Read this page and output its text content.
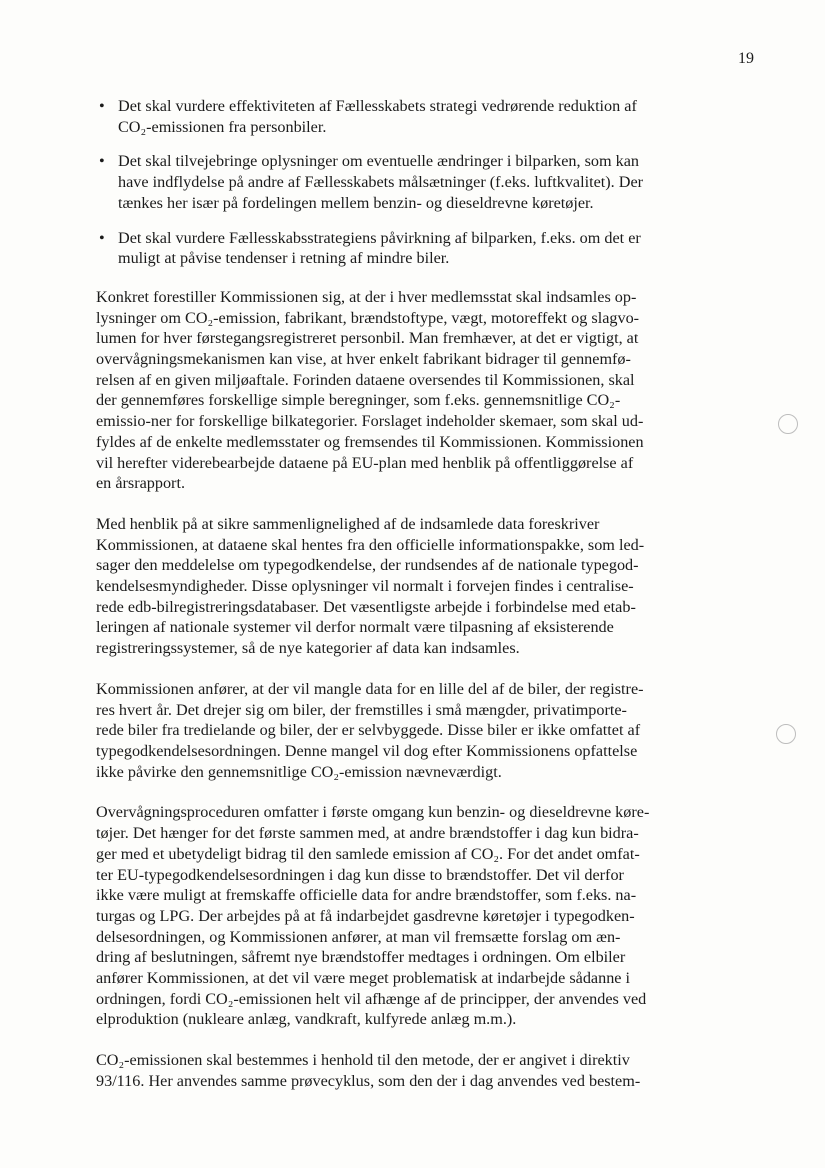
19
• Det skal vurdere effektiviteten af Fællesskabets strategi vedrørende reduktion af
CO₂-emissionen fra personbiler.
• Det skal tilvejebringe oplysninger om eventuelle ændringer i bilparken, som kan
have indflydelse på andre af Fællesskabets målsætninger (f.eks. luftkvalitet). Der
tænkes her især på fordelingen mellem benzin- og dieseldrevne køretøjer.
• Det skal vurdere Fællesskabsstrategiens påvirkning af bilparken, f.eks. om det er
muligt at påvise tendenser i retning af mindre biler.

Konkret forestiller Kommissionen sig, at der i hver medlemsstat skal indsamles op-
lysninger om CO₂-emission, fabrikant, brændstoftype, vægt, motoreffekt og slagvo-
lumen for hver førstegangsregistreret personbil. Man fremhæver, at det er vigtigt, at
overvågningsmekanismen kan vise, at hver enkelt fabrikant bidrager til gennemfø-
relsen af en given miljøaftale. Forinden dataene oversendes til Kommissionen, skal
der gennemføres forskellige simple beregninger, som f.eks. gennemsnitlige CO₂-
emissio-ner for forskellige bilkategorier. Forslaget indeholder skemaer, som skal ud-
fyldes af de enkelte medlemsstater og fremsendes til Kommissionen. Kommissionen
vil herefter viderebearbejde dataene på EU-plan med henblik på offentliggørelse af
en årsrapport.

Med henblik på at sikre sammenlignelighed af de indsamlede data foreskriver
Kommissionen, at dataene skal hentes fra den officielle informationspakke, som led-
sager den meddelelse om typegodkendelse, der rundsendes af de nationale typegod-
kendelsesmyndigheder. Disse oplysninger vil normalt i forvejen findes i centralise-
rede edb-bilregistreringsdatabaser. Det væsentligste arbejde i forbindelse med etab-
leringen af nationale systemer vil derfor normalt være tilpasning af eksisterende
registreringssystemer, så de nye kategorier af data kan indsamles.

Kommissionen anfører, at der vil mangle data for en lille del af de biler, der registre-
res hvert år. Det drejer sig om biler, der fremstilles i små mængder, privatimporte-
rede biler fra tredielande og biler, der er selvbyggede. Disse biler er ikke omfattet af
typegodkendelsesordningen. Denne mangel vil dog efter Kommissionens opfattelse
ikke påvirke den gennemsnitlige CO₂-emission nævneværdigt.

Overvågningsproceduren omfatter i første omgang kun benzin- og dieseldrevne køre-
tøjer. Det hænger for det første sammen med, at andre brændstoffer i dag kun bidra-
ger med et ubetydeligt bidrag til den samlede emission af CO₂. For det andet omfat-
ter EU-typegodkendelsesordningen i dag kun disse to brændstoffer. Det vil derfor
ikke være muligt at fremskaffe officielle data for andre brændstoffer, som f.eks. na-
turgas og LPG. Der arbejdes på at få indarbejdet gasdrevne køretøjer i typegodken-
delsesordningen, og Kommissionen anfører, at man vil fremsætte forslag om æn-
dring af beslutningen, såfremt nye brændstoffer medtages i ordningen. Om elbiler
anfører Kommissionen, at det vil være meget problematisk at indarbejde sådanne i
ordningen, fordi CO₂-emissionen helt vil afhænge af de principper, der anvendes ved
elproduktion (nukleare anlæg, vandkraft, kulfyrede anlæg m.m.).

CO₂-emissionen skal bestemmes i henhold til den metode, der er angivet i direktiv
93/116. Her anvendes samme prøvecyklus, som den der i dag anvendes ved bestem-
